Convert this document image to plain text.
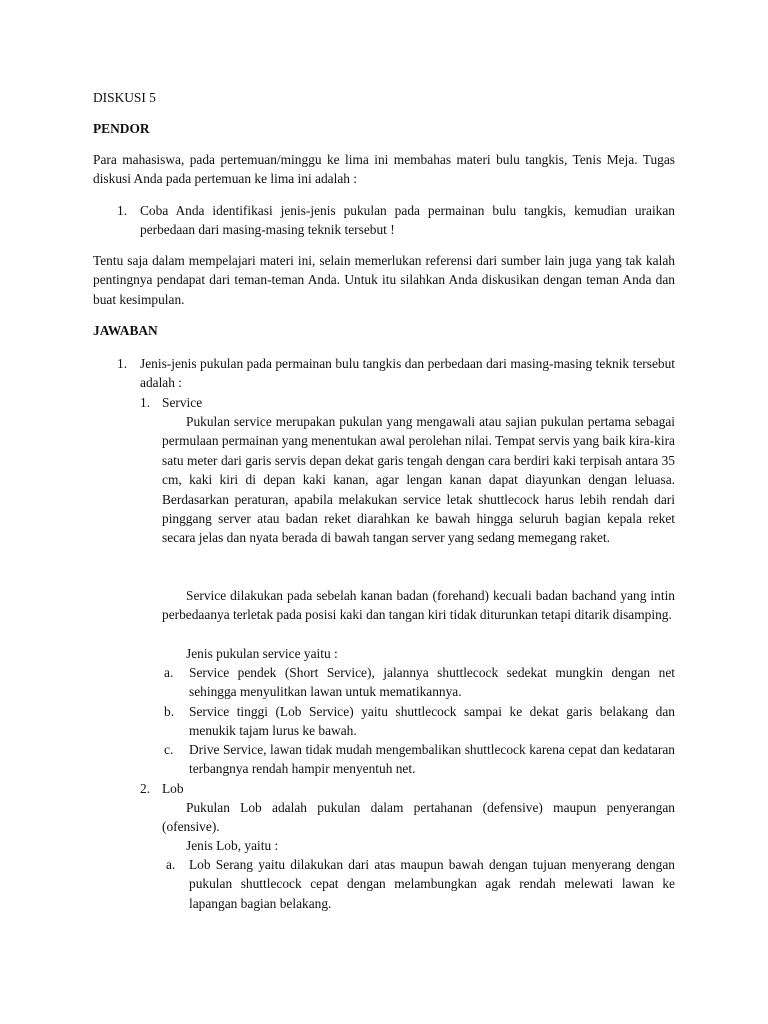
DISKUSI 5

PENDOR

Para mahasiswa, pada pertemuan/minggu ke lima ini membahas materi bulu tangkis, Tenis Meja. Tugas diskusi Anda pada pertemuan ke lima ini adalah :

1. Coba Anda identifikasi jenis-jenis pukulan pada permainan bulu tangkis, kemudian uraikan perbedaan dari masing-masing teknik tersebut !

Tentu saja dalam mempelajari materi ini, selain memerlukan referensi dari sumber lain juga yang tak kalah pentingnya pendapat dari teman-teman Anda. Untuk itu silahkan Anda diskusikan dengan teman Anda dan buat kesimpulan.

JAWABAN

1. Jenis-jenis pukulan pada permainan bulu tangkis dan perbedaan dari masing-masing teknik tersebut adalah :

1. Service

Pukulan service merupakan pukulan yang mengawali atau sajian pukulan pertama sebagai permulaan permainan yang menentukan awal perolehan nilai. Tempat servis yang baik kira-kira satu meter dari garis servis depan dekat garis tengah dengan cara berdiri kaki terpisah antara 35 cm, kaki kiri di depan kaki kanan, agar lengan kanan dapat diayunkan dengan leluasa. Berdasarkan peraturan, apabila melakukan service letak shuttlecock harus lebih rendah dari pinggang server atau badan reket diarahkan ke bawah hingga seluruh bagian kepala reket secara jelas dan nyata berada di bawah tangan server yang sedang memegang raket.

Service dilakukan pada sebelah kanan badan (forehand) kecuali badan bachand yang intin perbedaanya terletak pada posisi kaki dan tangan kiri tidak diturunkan tetapi ditarik disamping.

Jenis pukulan service yaitu :

a. Service pendek (Short Service), jalannya shuttlecock sedekat mungkin dengan net sehingga menyulitkan lawan untuk mematikannya.

b. Service tinggi (Lob Service) yaitu shuttlecock sampai ke dekat garis belakang dan menukik tajam lurus ke bawah.

c. Drive Service, lawan tidak mudah mengembalikan shuttlecock karena cepat dan kedataran terbangnya rendah hampir menyentuh net.

2. Lob

Pukulan Lob adalah pukulan dalam pertahanan (defensive) maupun penyerangan (ofensive).

Jenis Lob, yaitu :

a. Lob Serang yaitu dilakukan dari atas maupun bawah dengan tujuan menyerang dengan pukulan shuttlecock cepat dengan melambungkan agak rendah melewati lawan ke lapangan bagian belakang.
